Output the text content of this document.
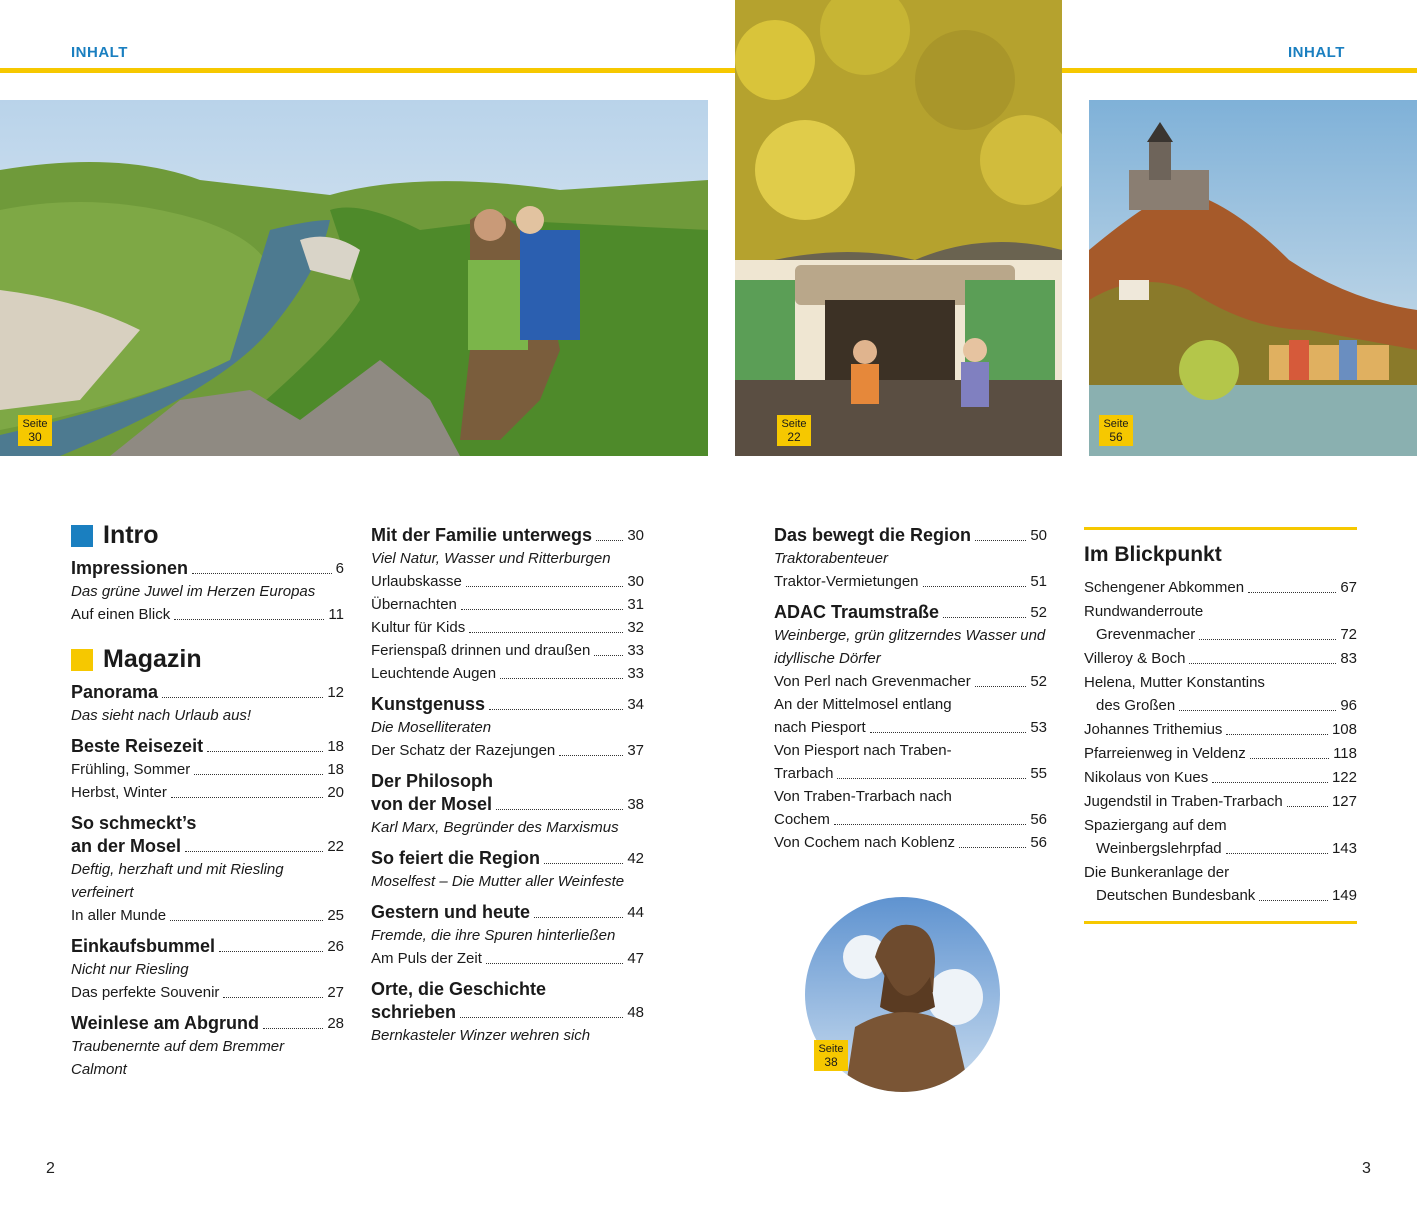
INHALT	INHALT
Seite
30
Seite
22
Seite
56
Intro
Impressionen	6
Das grüne Juwel im Herzen Europas
Auf einen Blick	11
Magazin
Panorama	12
Das sieht nach Urlaub aus!
Beste Reisezeit	18
Frühling, Sommer	18
Herbst, Winter	20
So schmeckt’s
an der Mosel	22
Deftig, herzhaft und mit Riesling verfeinert
In aller Munde	25
Einkaufsbummel	26
Nicht nur Riesling
Das perfekte Souvenir	27
Weinlese am Abgrund	28
Traubenernte auf dem Bremmer Calmont
Mit der Familie unterwegs 30
Viel Natur, Wasser und Ritterburgen
Urlaubskasse	30
Übernachten	31
Kultur für Kids	32
Ferienspaß drinnen und draußen 33
Leuchtende Augen	33
Kunstgenuss	34
Die Moselliteraten
Der Schatz der Razejungen	37
Der Philosoph
von der Mosel	38
Karl Marx, Begründer des Marxismus
So feiert die Region	42
Moselfest – Die Mutter aller Weinfeste
Gestern und heute	44
Fremde, die ihre Spuren hinterließen
Am Puls der Zeit	47
Orte, die Geschichte
schrieben	48
Bernkasteler Winzer wehren sich
Das bewegt die Region	50
Traktorabenteuer
Traktor-Vermietungen	51
ADAC Traumstraße	52
Weinberge, grün glitzerndes Wasser und idyllische Dörfer
Von Perl nach Grevenmacher	52
An der Mittelmosel entlang
nach Piesport	53
Von Piesport nach Traben-
Trarbach	55
Von Traben-Trarbach nach
Cochem	56
Von Cochem nach Koblenz	56
Seite
38
Im Blickpunkt
Schengener Abkommen	67
Rundwanderroute
Grevenmacher	72
Villeroy & Boch	83
Helena, Mutter Konstantins
des Großen	96
Johannes Trithemius	108
Pfarreienweg in Veldenz	118
Nikolaus von Kues	122
Jugendstil in Traben-Trarbach	127
Spaziergang auf dem
Weinbergslehrpfad	143
Die Bunkeranlage der
Deutschen Bundesbank	149
2	3
